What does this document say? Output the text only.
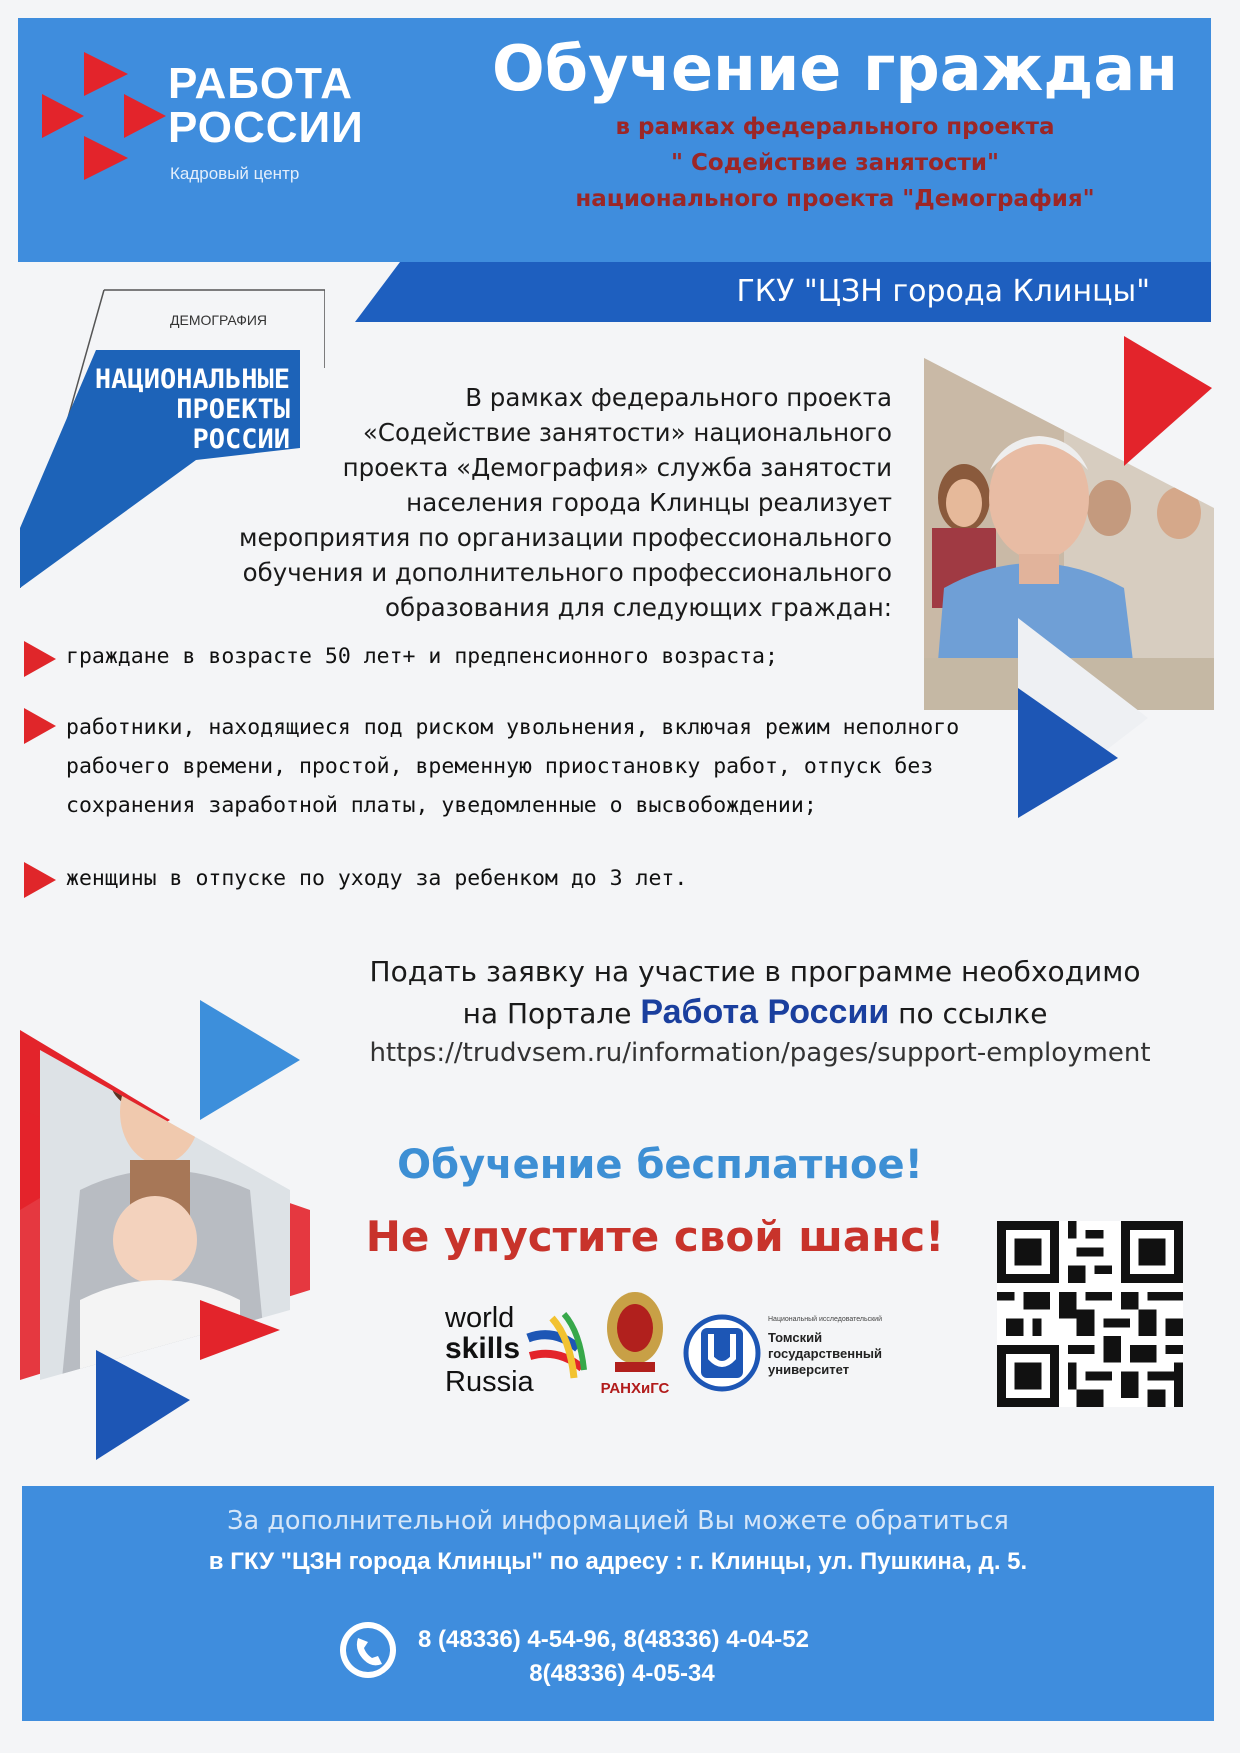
РАБОТА
РОССИИ
Кадровый центр
Обучение граждан
в рамках федерального проекта
" Содействие занятости"
национального проекта "Демография"
ГКУ "ЦЗН города Клинцы"
ДЕМОГРАФИЯ
НАЦИОНАЛЬНЫЕ
ПРОЕКТЫ
РОССИИ
В рамках федерального проекта
«Содействие занятости» национального
проекта «Демография» служба занятости
населения города Клинцы реализует
мероприятия по организации профессионального
обучения и дополнительного профессионального
образования для следующих граждан:
граждане в возрасте 50 лет+ и предпенсионного возраста;
работники, находящиеся под риском увольнения, включая режим неполного рабочего времени, простой, временную приостановку работ, отпуск без сохранения заработной платы, уведомленные о высвобождении;
женщины в отпуске по уходу за ребенком до 3 лет.
Подать заявку на участие в программе необходимо
на Портале Работа России по ссылке
https://trudvsem.ru/information/pages/support-employment
Обучение бесплатное!
Не упустите свой шанс!
world
skills
Russia	РАНХиГС
Национальный исследовательский
Томский
государственный
университет
За дополнительной информацией Вы можете обратиться
в ГКУ "ЦЗН города Клинцы" по адресу : г. Клинцы, ул. Пушкина, д. 5.
8 (48336) 4-54-96, 8(48336) 4-04-52
8(48336) 4-05-34
